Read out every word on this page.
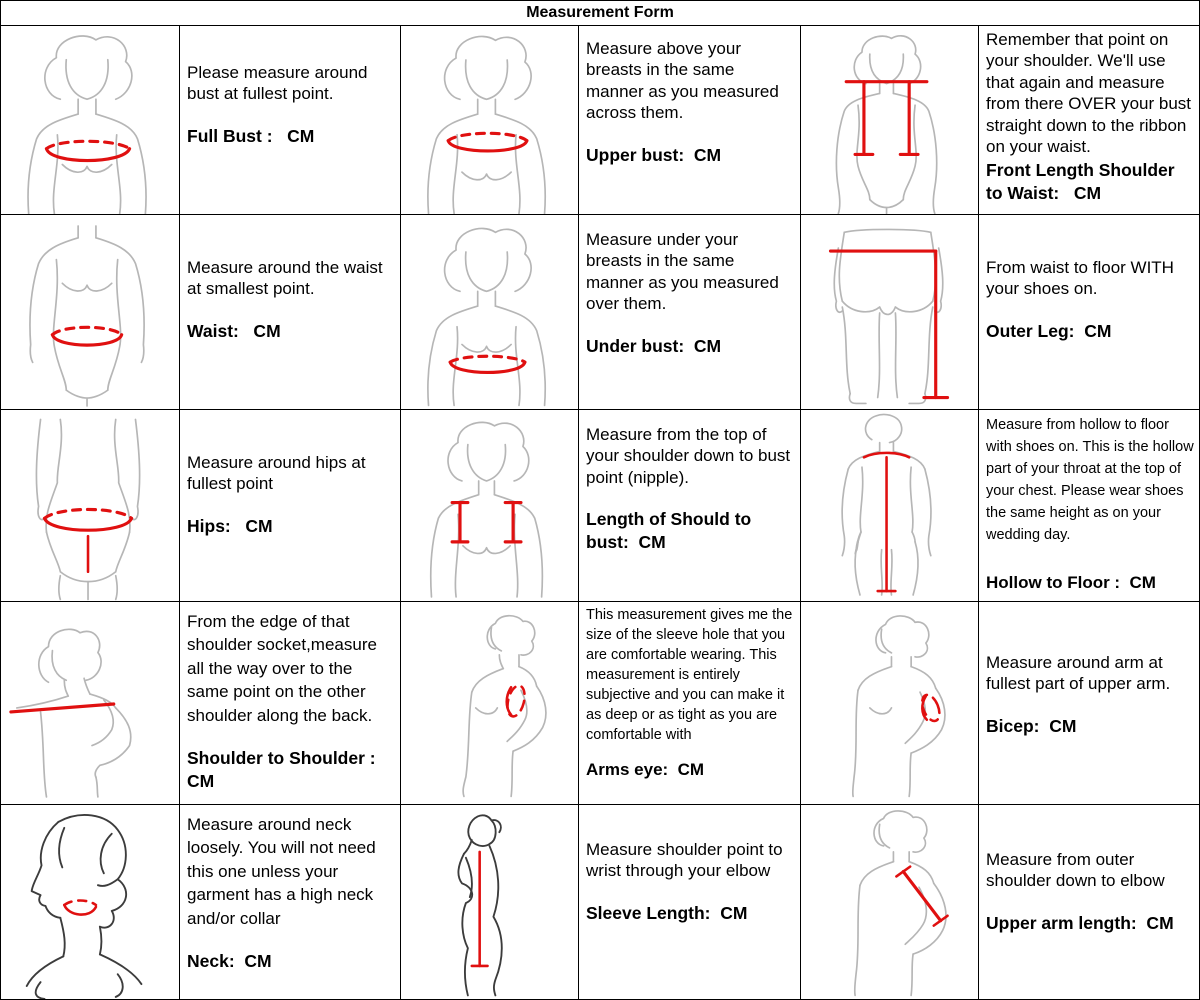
Measurement Form
Please measure around bust at fullest point.
Full Bust :   CM
Measure above your breasts in the same manner as you measured across them.
Upper bust:  CM
Remember that point on your shoulder. We'll use that again and measure from there OVER your bust straight down to the ribbon on your waist.
Front Length Shoulder to Waist:   CM
Measure around the waist at smallest point.
Waist:   CM
Measure under your breasts in the same manner as you measured over them.
Under bust:  CM
From waist to floor WITH your shoes on.
Outer Leg:  CM
Measure around hips at fullest point
Hips:   CM
Measure from the top of your shoulder down to bust point (nipple).
Length of Should to bust:  CM
Measure from hollow to floor with shoes on. This is the hollow part of your throat at the top of your chest. Please wear shoes the same height as on your wedding day.
Hollow to Floor :  CM
From the edge of that shoulder socket,measure all the way over to the same point on the other shoulder along the back.
Shoulder to Shoulder : CM
This measurement gives me the size of the sleeve hole that you are comfortable wearing. This measurement is entirely subjective and you can make it as deep or as tight as you are comfortable with
Arms eye:  CM
Measure around arm at fullest part of upper arm.
Bicep:  CM
Measure around neck loosely. You will not need this one unless your garment has a high neck and/or collar
Neck:  CM
Measure shoulder point to wrist through your elbow
Sleeve Length:  CM
Measure from outer shoulder down to elbow
Upper arm length:  CM
